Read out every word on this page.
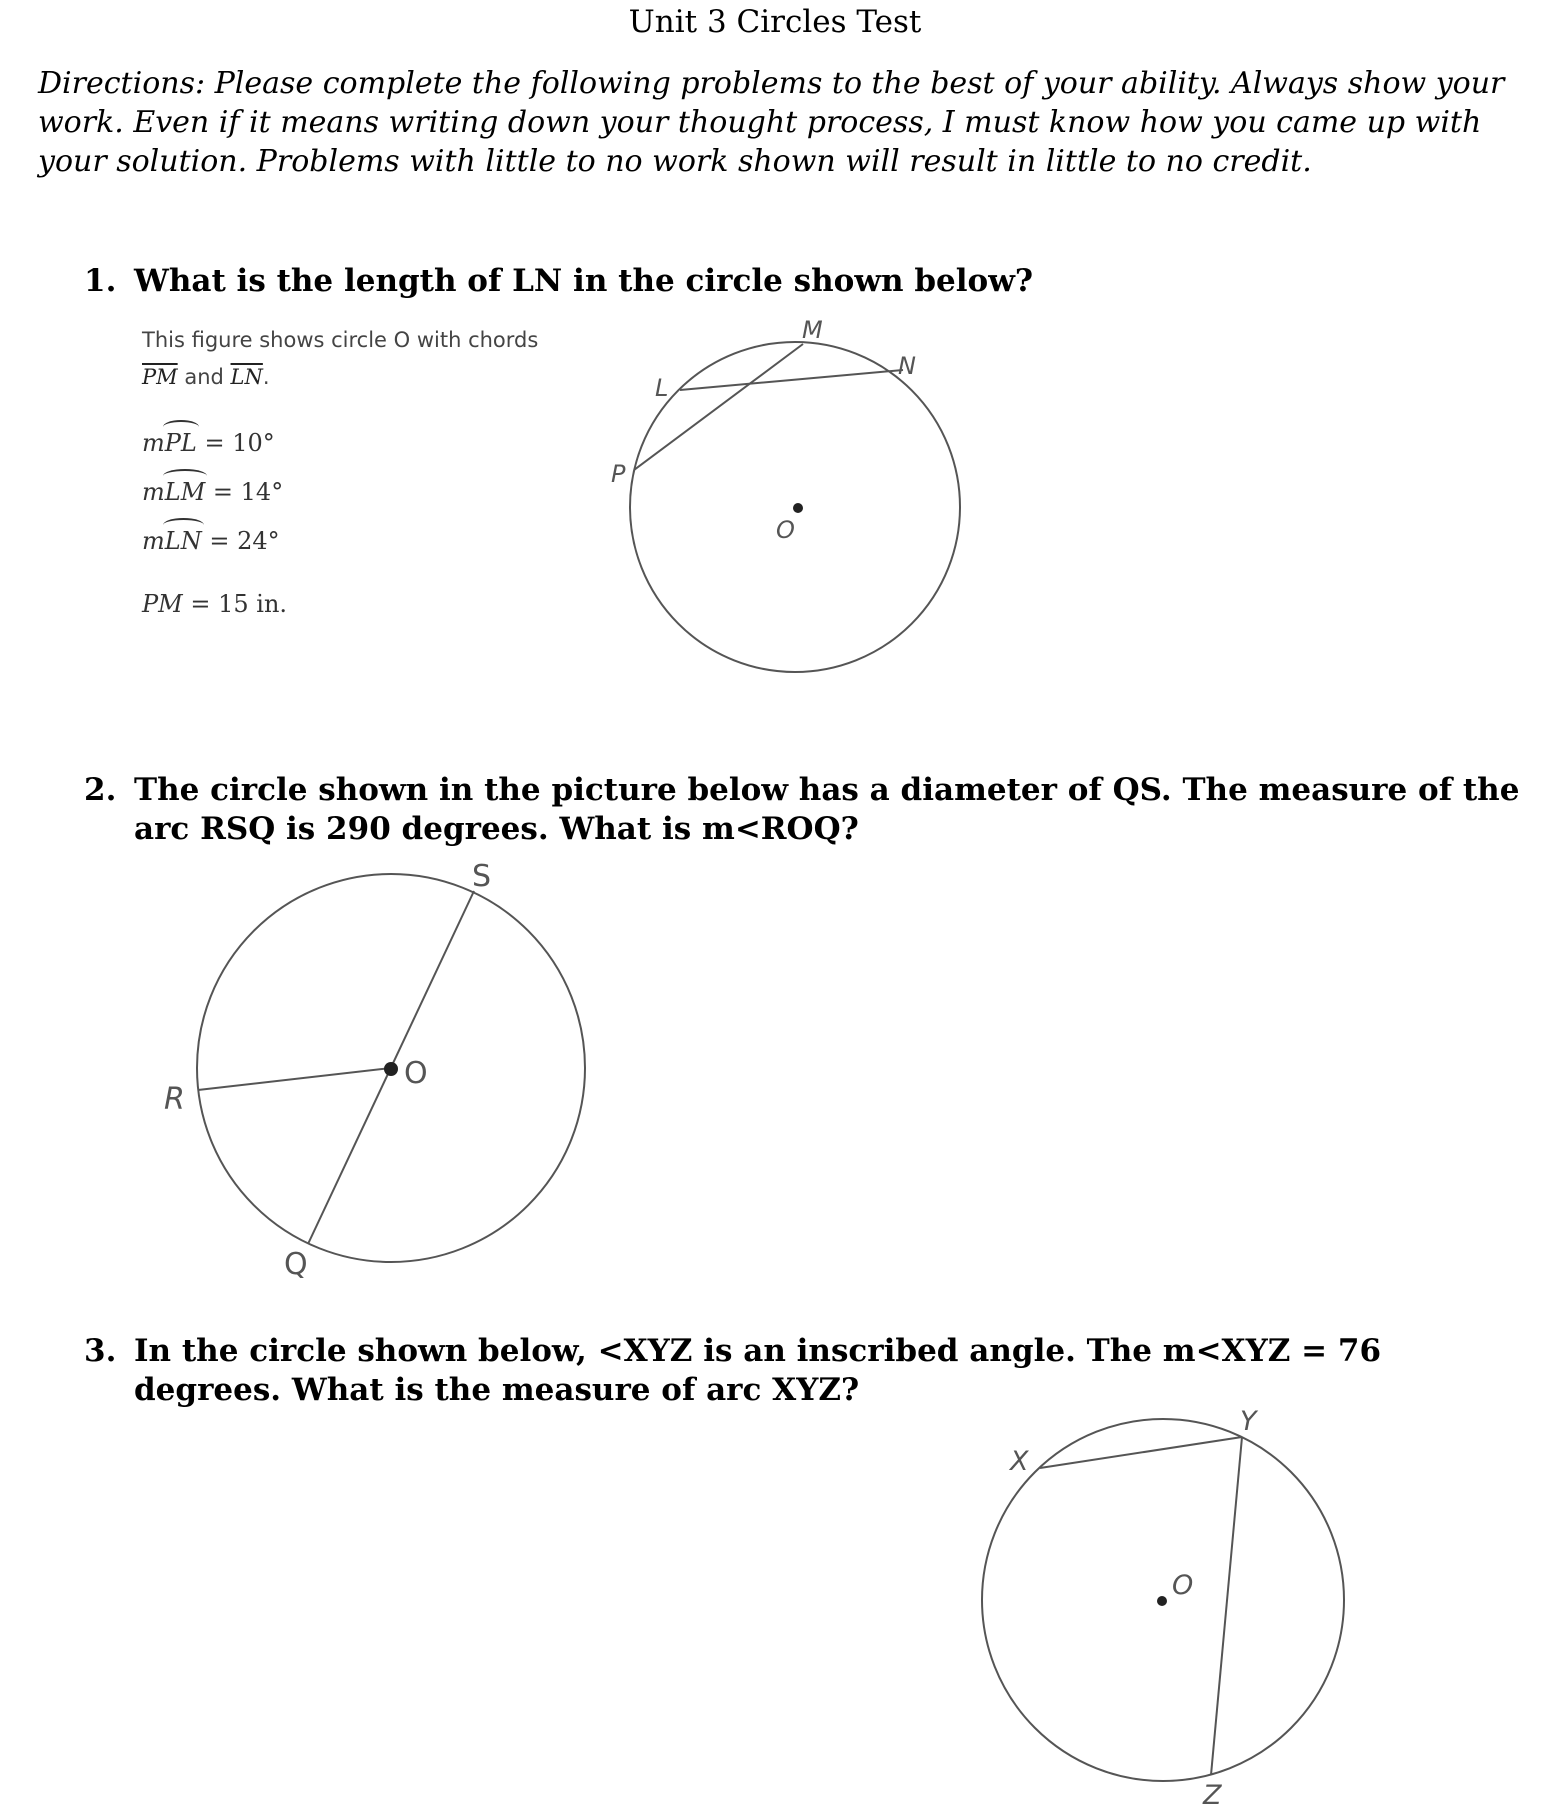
Unit 3 Circles Test
Directions: Please complete the following problems to the best of your ability. Always show your work. Even if it means writing down your thought process, I must know how you came up with your solution. Problems with little to no work shown will result in little to no credit.
1. What is the length of LN in the circle shown below?
This figure shows circle O with chords
$\overline{PM}$ and $\overline{LN}$.
mPL = 10°
mLM = 14°
mLN = 24°
PM = 15 in.
2. The circle shown in the picture below has a diameter of QS. The measure of the arc RSQ is 290 degrees. What is m<ROQ?
3. In the circle shown below, <XYZ is an inscribed angle. The m<XYZ = 76 degrees. What is the measure of arc XYZ?
M
N
L
P
O
S
R
Q
O
X
Y
Z
O
